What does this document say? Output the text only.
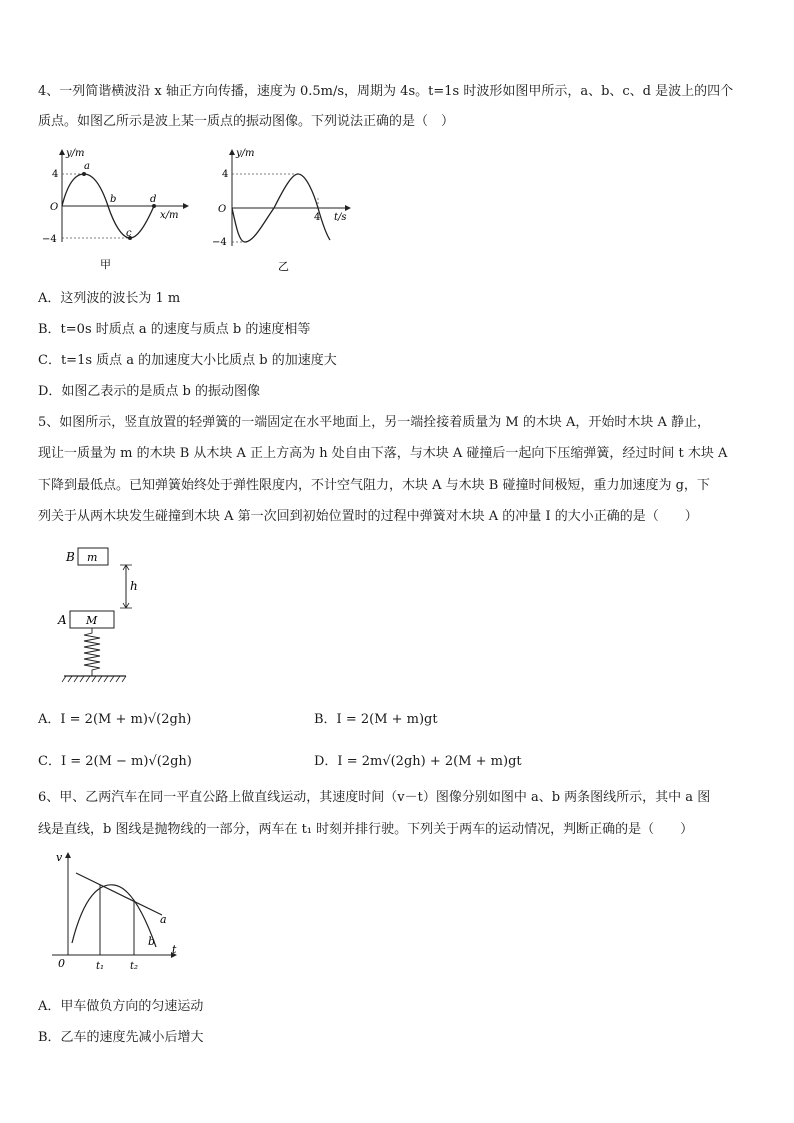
4、一列简谐横波沿 x 轴正方向传播，速度为 0.5m/s，周期为 4s。t=1s 时波形如图甲所示，a、b、c、d 是波上的四个
质点。如图乙所示是波上某一质点的振动图像。下列说法正确的是（　）
y/m
x/m
O
4
−4
a
b
c
d
甲
y/m
t/s
O
4
−4
4
乙
A．这列波的波长为 1 m
B．t=0s 时质点 a 的速度与质点 b 的速度相等
C．t=1s 质点 a 的加速度大小比质点 b 的加速度大
D．如图乙表示的是质点 b 的振动图像
5、如图所示，竖直放置的轻弹簧的一端固定在水平地面上，另一端拴接着质量为 M 的木块 A，开始时木块 A 静止，
现让一质量为 m 的木块 B 从木块 A 正上方高为 h 处自由下落，与木块 A 碰撞后一起向下压缩弹簧，经过时间 t 木块 A
下降到最低点。已知弹簧始终处于弹性限度内，不计空气阻力，木块 A 与木块 B 碰撞时间极短，重力加速度为 g，下
列关于从两木块发生碰撞到木块 A 第一次回到初始位置时的过程中弹簧对木块 A 的冲量 I 的大小正确的是（　　）
B m
h
A M
A．I = 2(M + m)√(2gh)	B．I = 2(M + m)gt
C．I = 2(M − m)√(2gh)	D．I = 2m√(2gh) + 2(M + m)gt
6、甲、乙两汽车在同一平直公路上做直线运动，其速度时间（v－t）图像分别如图中 a、b 两条图线所示，其中 a 图
线是直线，b 图线是抛物线的一部分，两车在 t₁ 时刻并排行驶。下列关于两车的运动情况，判断正确的是（　　）
v
t
0	t₁	t₂
a
b
A．甲车做负方向的匀速运动
B．乙车的速度先减小后增大
